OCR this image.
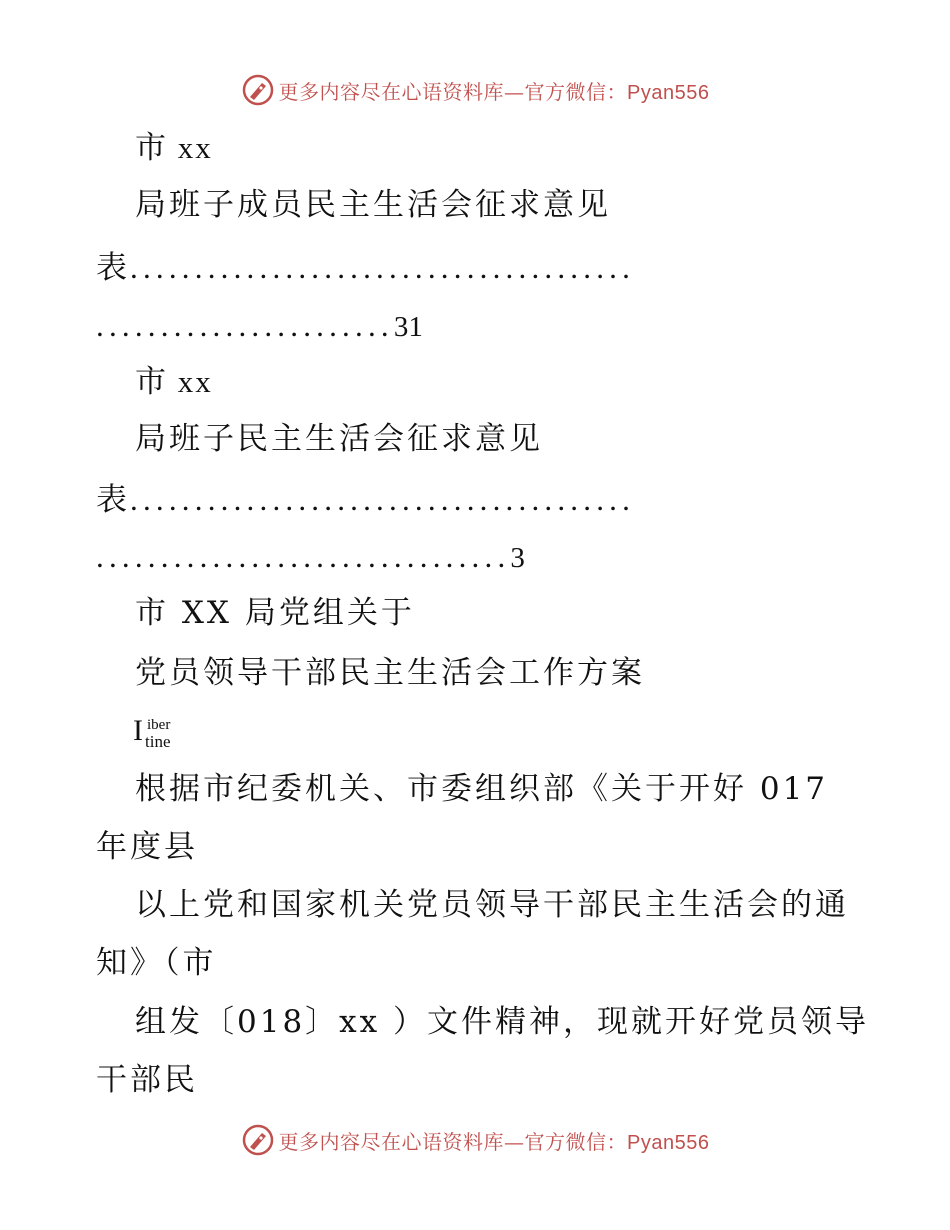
更多内容尽在心语资料库—官方微信：Pyan556
市 xx
局班子成员民主生活会征求意见
表.......................................
.......................31
市 xx
局班子民主生活会征求意见
表.......................................
................................3
市 XX 局党组关于
党员领导干部民主生活会工作方案
I iber
tine
根据市纪委机关、市委组织部《关于开好 017
年度县
以上党和国家机关党员领导干部民主生活会的通
知》（市
组发〔018〕xx ）文件精神，现就开好党员领导
干部民
更多内容尽在心语资料库—官方微信：Pyan556
